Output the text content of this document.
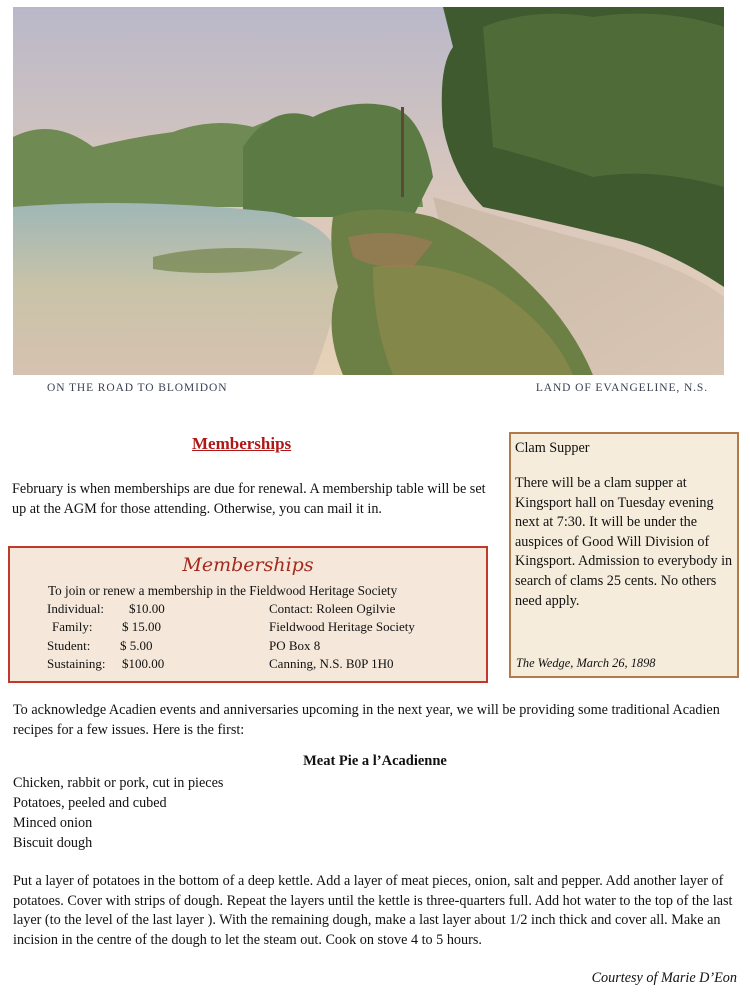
ON THE ROAD TO BLOMIDON	LAND OF EVANGELINE, N.S.
Memberships
February is when memberships are due for renewal. A membership table will be set up at the AGM for those attending. Otherwise, you can mail it in.
Memberships
To join or renew a membership in the Fieldwood Heritage Society
Individual: $10.00
Family: $ 15.00
Student: $ 5.00
Sustaining: $100.00
Contact: Roleen Ogilvie
Fieldwood Heritage Society
PO Box 8
Canning, N.S. B0P 1H0
Clam Supper
There will be a clam supper at Kingsport hall on Tuesday evening next at 7:30. It will be under the auspices of Good Will Division of Kingsport. Admission to everybody in search of clams 25 cents. No others need apply.
The Wedge, March 26, 1898
To acknowledge Acadien events and anniversaries upcoming in the next year, we will be providing some traditional Acadien recipes for a few issues. Here is the first:
Meat Pie a l’Acadienne
Chicken, rabbit or pork, cut in pieces
Potatoes, peeled and cubed
Minced onion
Biscuit dough
Put a layer of potatoes in the bottom of a deep kettle. Add a layer of meat pieces, onion, salt and pepper. Add another layer of potatoes. Cover with strips of dough. Repeat the layers until the kettle is three-quarters full. Add hot water to the top of the last layer (to the level of the last layer ). With the remaining dough, make a last layer about 1/2 inch thick and cover all. Make an incision in the centre of the dough to let the steam out. Cook on stove 4 to 5 hours.
Courtesy of Marie D’Eon
